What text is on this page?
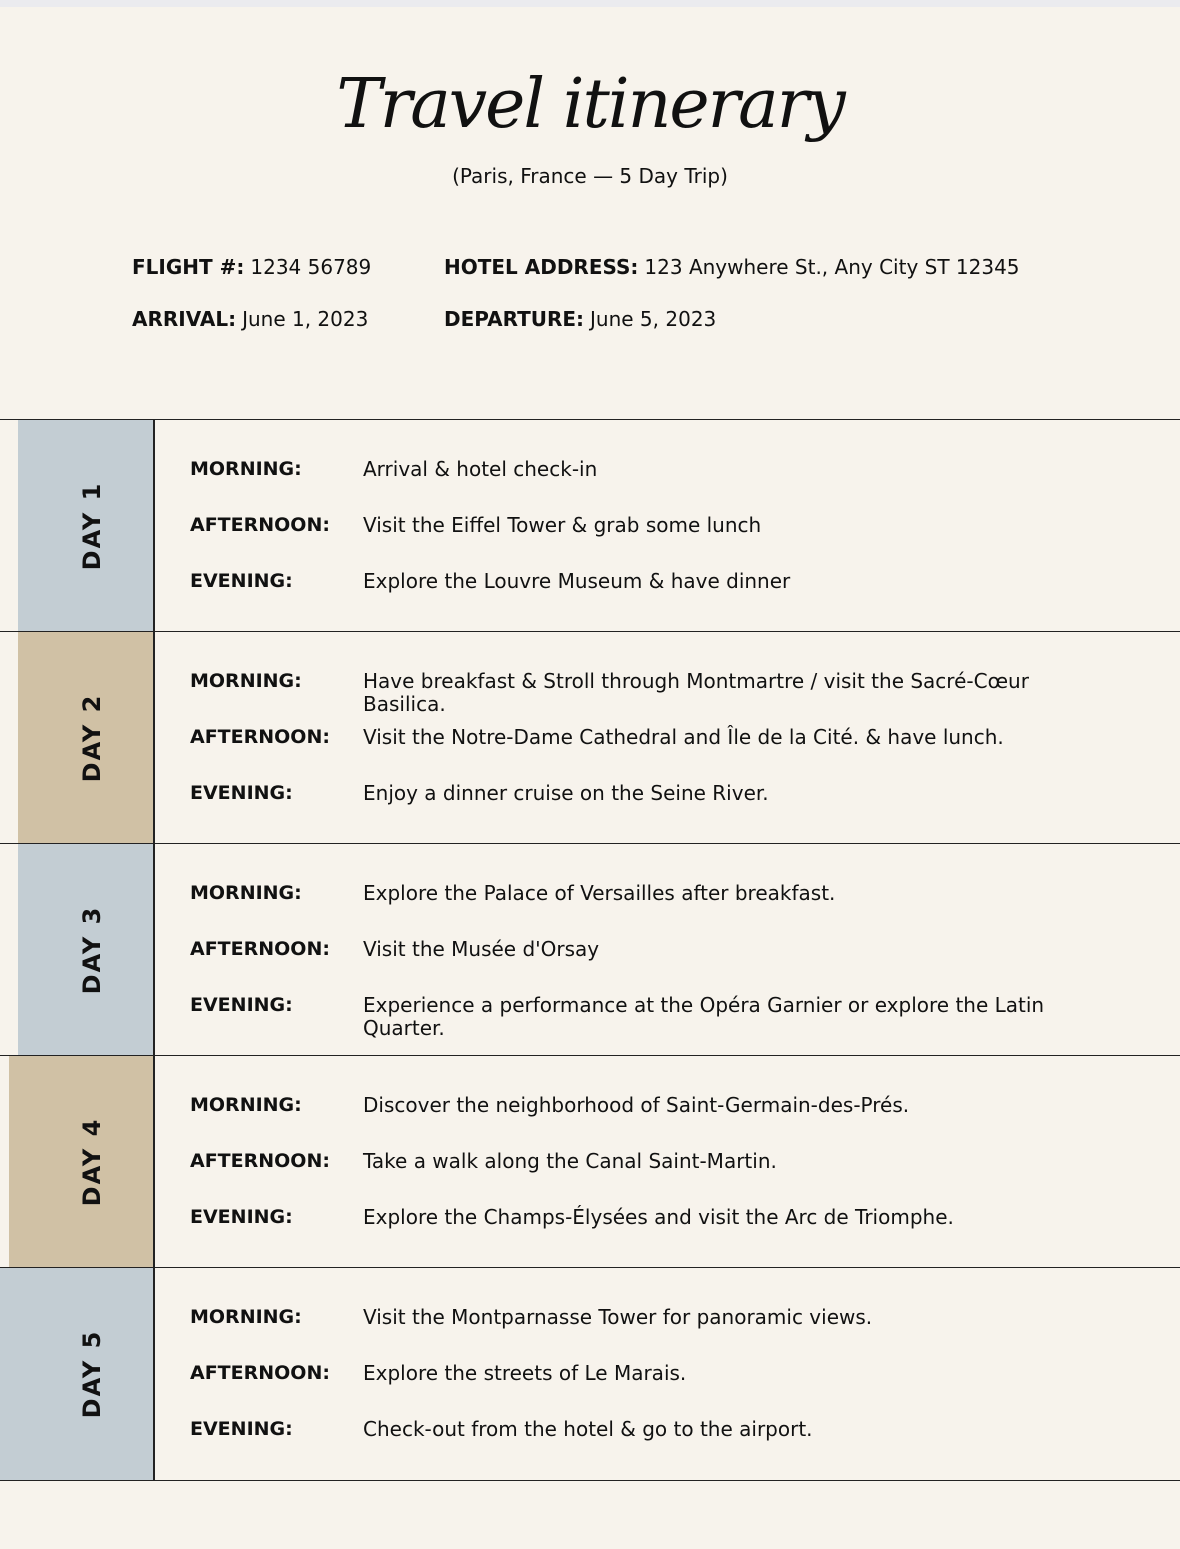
Travel itinerary
(Paris, France — 5 Day Trip)
FLIGHT #: 1234 56789	HOTEL ADDRESS: 123 Anywhere St., Any City ST 12345
ARRIVAL: June 1, 2023	DEPARTURE: June 5, 2023
DAY 1
MORNING:	Arrival & hotel check-in
AFTERNOON: Visit the Eiffel Tower & grab some lunch
EVENING:	Explore the Louvre Museum & have dinner
DAY 2
MORNING:	Have breakfast & Stroll through Montmartre / visit the Sacré-Cœur Basilica.
AFTERNOON: Visit the Notre-Dame Cathedral and Île de la Cité. & have lunch.
EVENING:	Enjoy a dinner cruise on the Seine River.
DAY 3
MORNING:	Explore the Palace of Versailles after breakfast.
AFTERNOON: Visit the Musée d'Orsay
EVENING:	Experience a performance at the Opéra Garnier or explore the Latin Quarter.
DAY 4
MORNING:	Discover the neighborhood of Saint-Germain-des-Prés.
AFTERNOON: Take a walk along the Canal Saint-Martin.
EVENING:	Explore the Champs-Élysées and visit the Arc de Triomphe.
DAY 5
MORNING:	Visit the Montparnasse Tower for panoramic views.
AFTERNOON: Explore the streets of Le Marais.
EVENING:	Check-out from the hotel & go to the airport.
